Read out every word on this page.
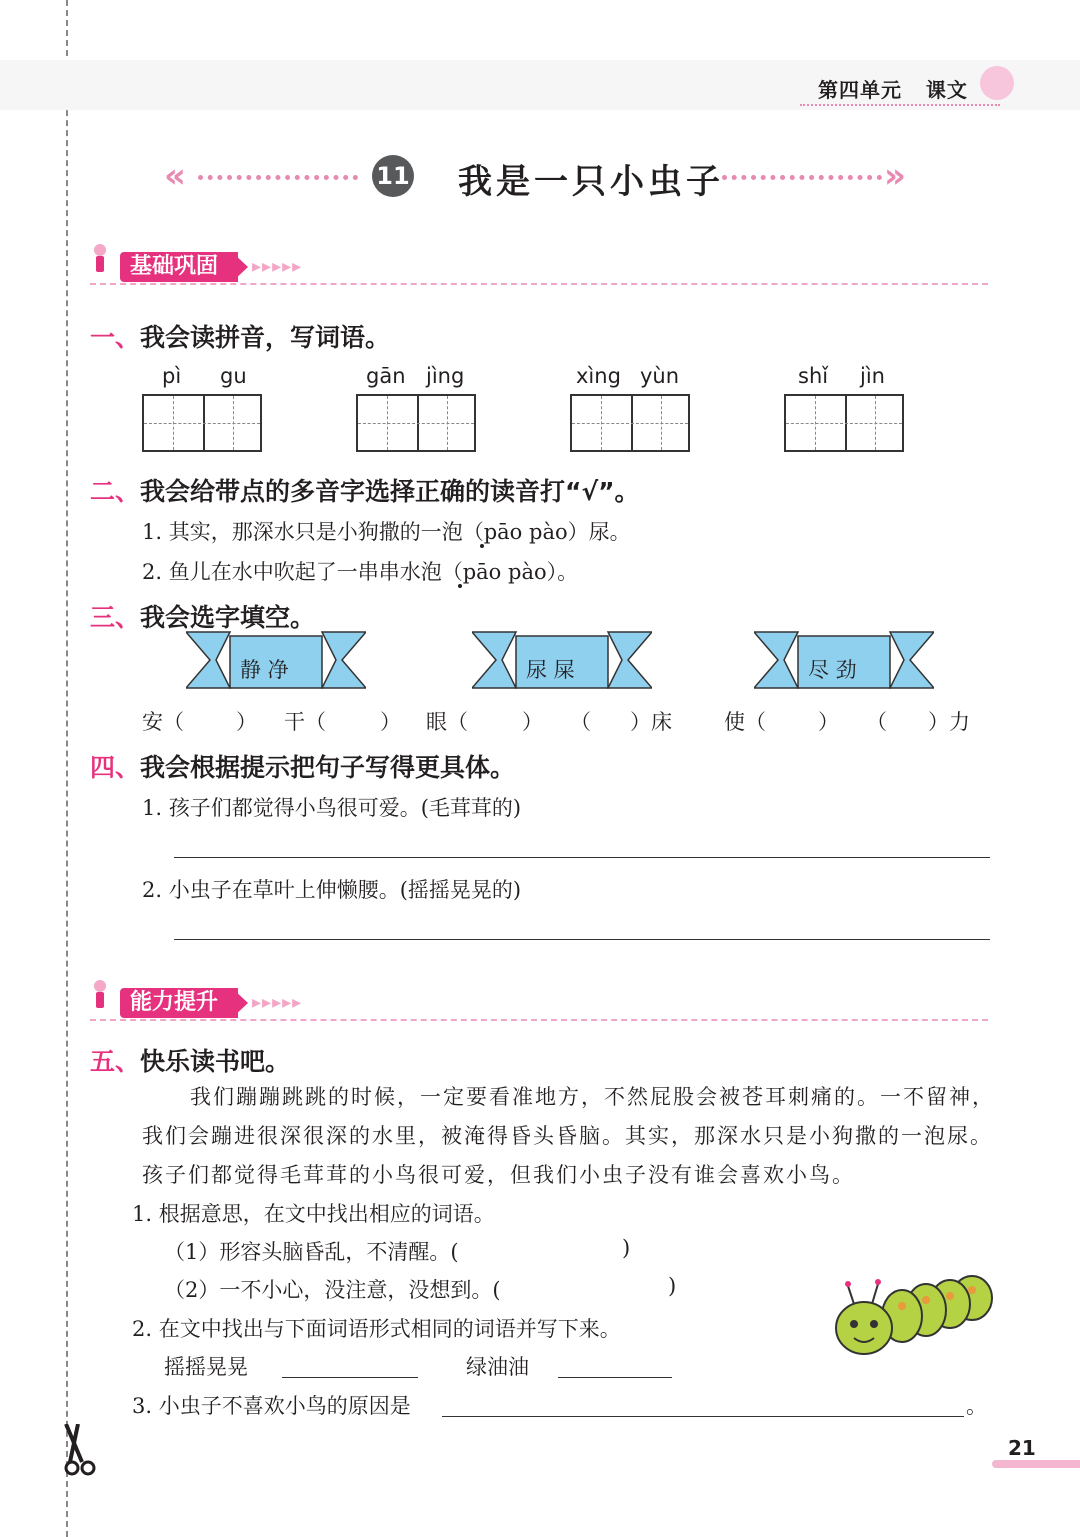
第四单元 课文
«	11 我是一只小虫子	»
基础巩固	▸▸▸▸▸
一、我会读拼音，写词语。
pì gu	gān jìng	xìng yùn	shǐ jìn
二、我会给带点的多音字选择正确的读音打“√”。
1. 其实，那深水只是小狗撒的一泡（pāo pào）尿。
2. 鱼儿在水中吹起了一串串水泡（pāo pào）。
三、我会选字填空。
静 净	尿 屎	尽 劲
安（ ） 干（	） 眼（	） （ ）床 使（ ） （ ）力
四、我会根据提示把句子写得更具体。
1. 孩子们都觉得小鸟很可爱。(毛茸茸的)
2. 小虫子在草叶上伸懒腰。(摇摇晃晃的)
能力提升	▸▸▸▸▸
五、快乐读书吧。
我们蹦蹦跳跳的时候，一定要看准地方，不然屁股会被苍耳刺痛的。一不留神，
我们会蹦进很深很深的水里，被淹得昏头昏脑。其实，那深水只是小狗撒的一泡尿。
孩子们都觉得毛茸茸的小鸟很可爱，但我们小虫子没有谁会喜欢小鸟。
1. 根据意思，在文中找出相应的词语。
（1）形容头脑昏乱，不清醒。(	)
（2）一不小心，没注意，没想到。(	)
2. 在文中找出与下面词语形式相同的词语并写下来。
摇摇晃晃	绿油油
3. 小虫子不喜欢小鸟的原因是	。
21
